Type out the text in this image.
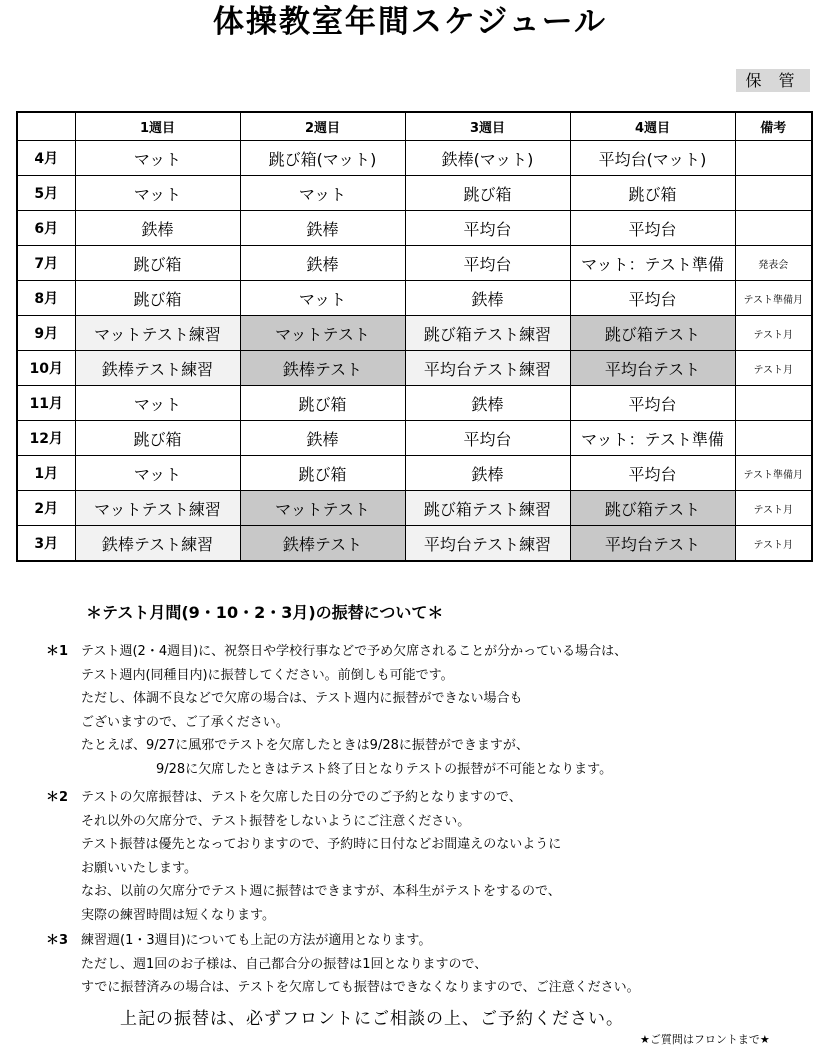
体操教室年間スケジュール
保 管
	1週目	2週目	3週目	4週目	備考
4月	マット	跳び箱(マット)	鉄棒(マット)	平均台(マット)	
5月	マット	マット	跳び箱	跳び箱	
6月	鉄棒	鉄棒	平均台	平均台	
7月	跳び箱	鉄棒	平均台	マット：テスト準備	発表会
8月	跳び箱	マット	鉄棒	平均台	テスト準備月
9月	マットテスト練習	マットテスト	跳び箱テスト練習	跳び箱テスト	テスト月
10月	鉄棒テスト練習	鉄棒テスト	平均台テスト練習	平均台テスト	テスト月
11月	マット	跳び箱	鉄棒	平均台	
12月	跳び箱	鉄棒	平均台	マット：テスト準備	
1月	マット	跳び箱	鉄棒	平均台	テスト準備月
2月	マットテスト練習	マットテスト	跳び箱テスト練習	跳び箱テスト	テスト月
3月	鉄棒テスト練習	鉄棒テスト	平均台テスト練習	平均台テスト	テスト月
＊テスト月間(9・10・2・3月)の振替について＊
＊1 テスト週(2・4週目)に、祝祭日や学校行事などで予め欠席されることが分かっている場合は、
テスト週内(同種目内)に振替してください。前倒しも可能です。
ただし、体調不良などで欠席の場合は、テスト週内に振替ができない場合も
ございますので、ご了承ください。
たとえば、9/27に風邪でテストを欠席したときは9/28に振替ができますが、
9/28に欠席したときはテスト終了日となりテストの振替が不可能となります。
＊2 テストの欠席振替は、テストを欠席した日の分でのご予約となりますので、
それ以外の欠席分で、テスト振替をしないようにご注意ください。
テスト振替は優先となっておりますので、予約時に日付などお間違えのないように
お願いいたします。
なお、以前の欠席分でテスト週に振替はできますが、本科生がテストをするので、
実際の練習時間は短くなります。
＊3 練習週(1・3週目)についても上記の方法が適用となります。
ただし、週1回のお子様は、自己都合分の振替は1回となりますので、
すでに振替済みの場合は、テストを欠席しても振替はできなくなりますので、ご注意ください。
上記の振替は、必ずフロントにご相談の上、ご予約ください。
★ご質問はフロントまで★
